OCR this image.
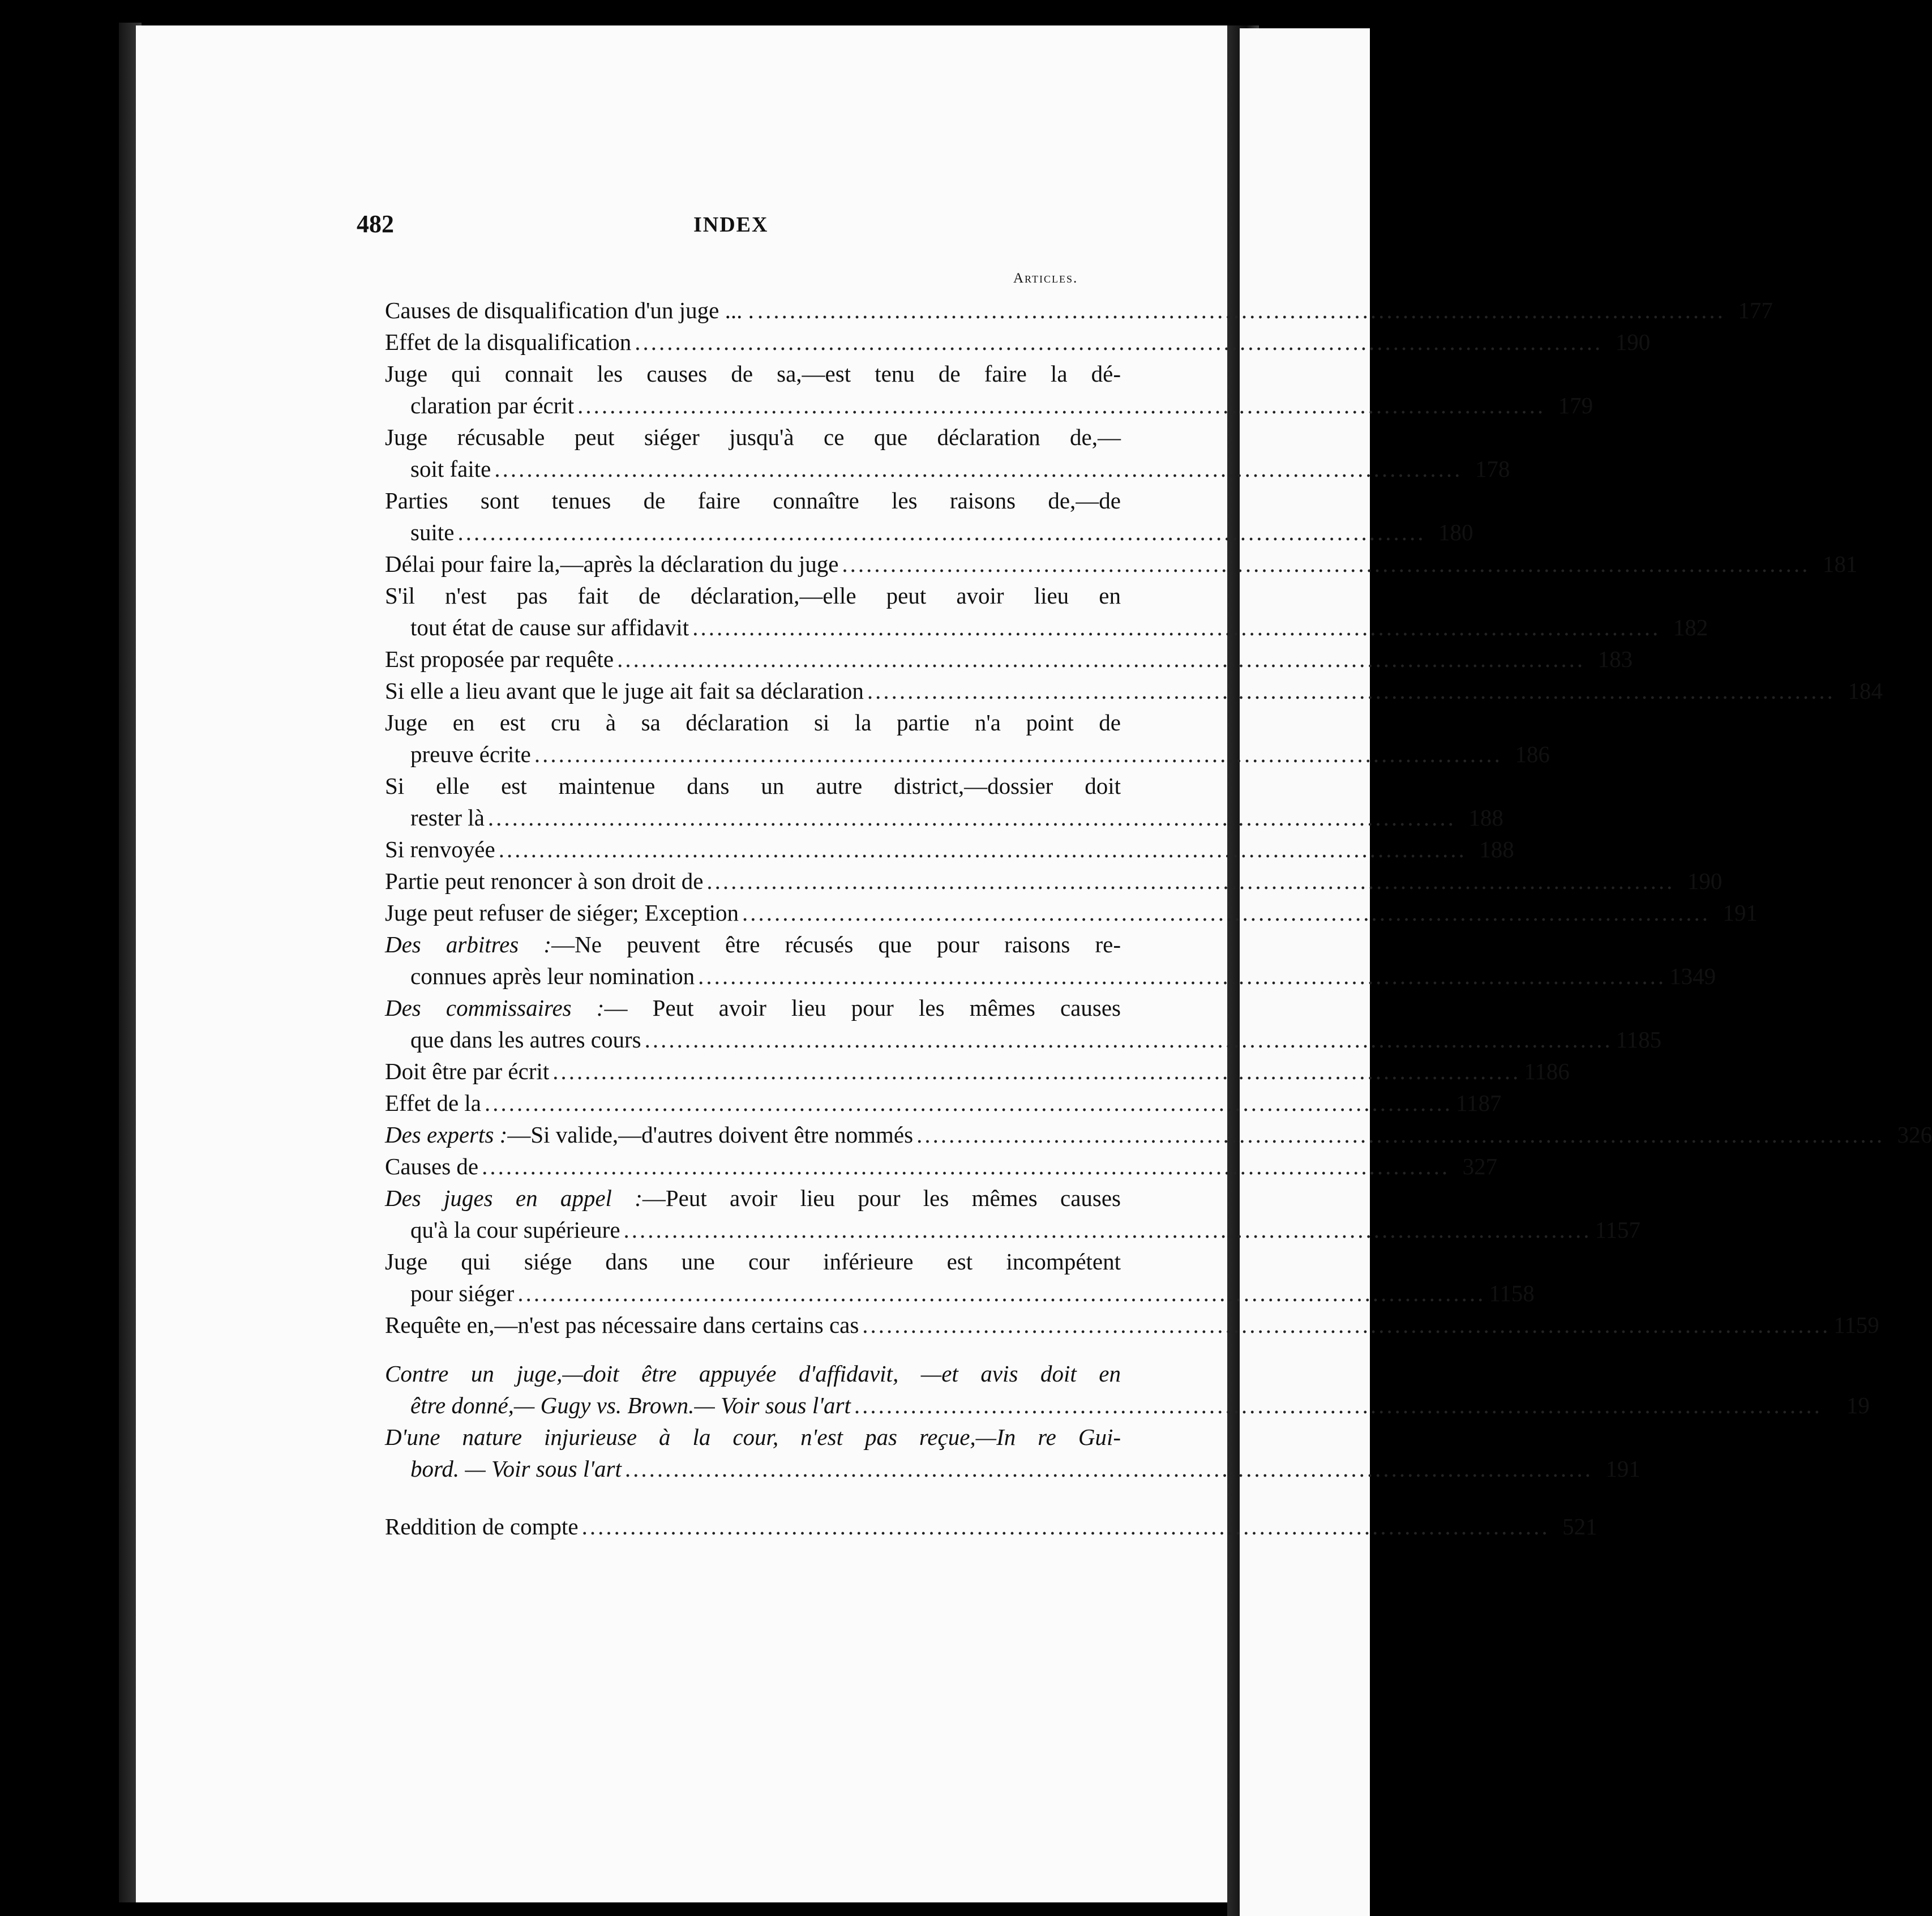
482	INDEX
Articles.
Causes de disqualification d'un juge ... . ........................................................................................................................ 177
Effet de la disqualification ........................................................................................................................ 190
Juge qui connait les causes de sa,—est tenu de faire la dé-
claration par écrit ........................................................................................................................ 179
Juge récusable peut siéger jusqu'à ce que déclaration de,—
soit faite ........................................................................................................................ 178
Parties sont tenues de faire connaître les raisons de,—de
suite ........................................................................................................................ 180
Délai pour faire la,—après la déclaration du juge ........................................................................................................................ 181
S'il n'est pas fait de déclaration,—elle peut avoir lieu en
tout état de cause sur affidavit ........................................................................................................................ 182
Est proposée par requête ........................................................................................................................ 183
Si elle a lieu avant que le juge ait fait sa déclaration ........................................................................................................................ 184
Juge en est cru à sa déclaration si la partie n'a point de
preuve écrite ........................................................................................................................ 186
Si elle est maintenue dans un autre district,—dossier doit
rester là ........................................................................................................................ 188
Si renvoyée ........................................................................................................................ 188
Partie peut renoncer à son droit de ........................................................................................................................ 190
Juge peut refuser de siéger; Exception ........................................................................................................................ 191
Des arbitres :—Ne peuvent être récusés que pour raisons re-
connues après leur nomination ........................................................................................................................ 1349
Des commissaires :— Peut avoir lieu pour les mêmes causes
que dans les autres cours ........................................................................................................................ 1185
Doit être par écrit ........................................................................................................................ 1186
Effet de la ........................................................................................................................ 1187
Des experts :—Si valide,—d'autres doivent être nommés ........................................................................................................................ 326
Causes de ........................................................................................................................ 327
Des juges en appel :—Peut avoir lieu pour les mêmes causes
qu'à la cour supérieure ........................................................................................................................ 1157
Juge qui siége dans une cour inférieure est incompétent
pour siéger ........................................................................................................................ 1158
Requête en,—n'est pas nécessaire dans certains cas ........................................................................................................................ 1159
Contre un juge,—doit être appuyée d'affidavit, —et avis doit en
être donné,— Gugy vs. Brown.— Voir sous l'art ........................................................................................................................	19
D'une nature injurieuse à la cour, n'est pas reçue,—In re Gui-
bord. — Voir sous l'art ........................................................................................................................ 191
Reddition de compte ........................................................................................................................ 521
